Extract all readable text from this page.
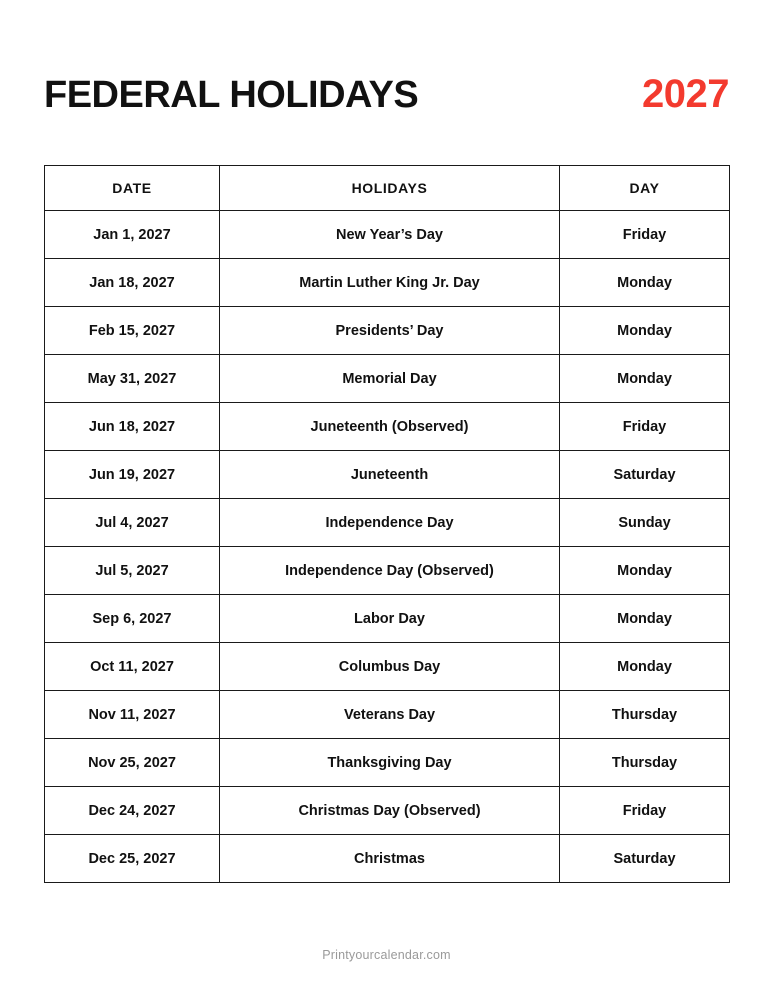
FEDERAL HOLIDAYS	2027
DATE	HOLIDAYS	DAY
Jan 1, 2027	New Year’s Day	Friday
Jan 18, 2027	Martin Luther King Jr. Day	Monday
Feb 15, 2027	Presidents’ Day	Monday
May 31, 2027	Memorial Day	Monday
Jun 18, 2027	Juneteenth (Observed)	Friday
Jun 19, 2027	Juneteenth	Saturday
Jul 4, 2027	Independence Day	Sunday
Jul 5, 2027	Independence Day (Observed)	Monday
Sep 6, 2027	Labor Day	Monday
Oct 11, 2027	Columbus Day	Monday
Nov 11, 2027	Veterans Day	Thursday
Nov 25, 2027	Thanksgiving Day	Thursday
Dec 24, 2027	Christmas Day (Observed)	Friday
Dec 25, 2027	Christmas	Saturday
Printyourcalendar.com
